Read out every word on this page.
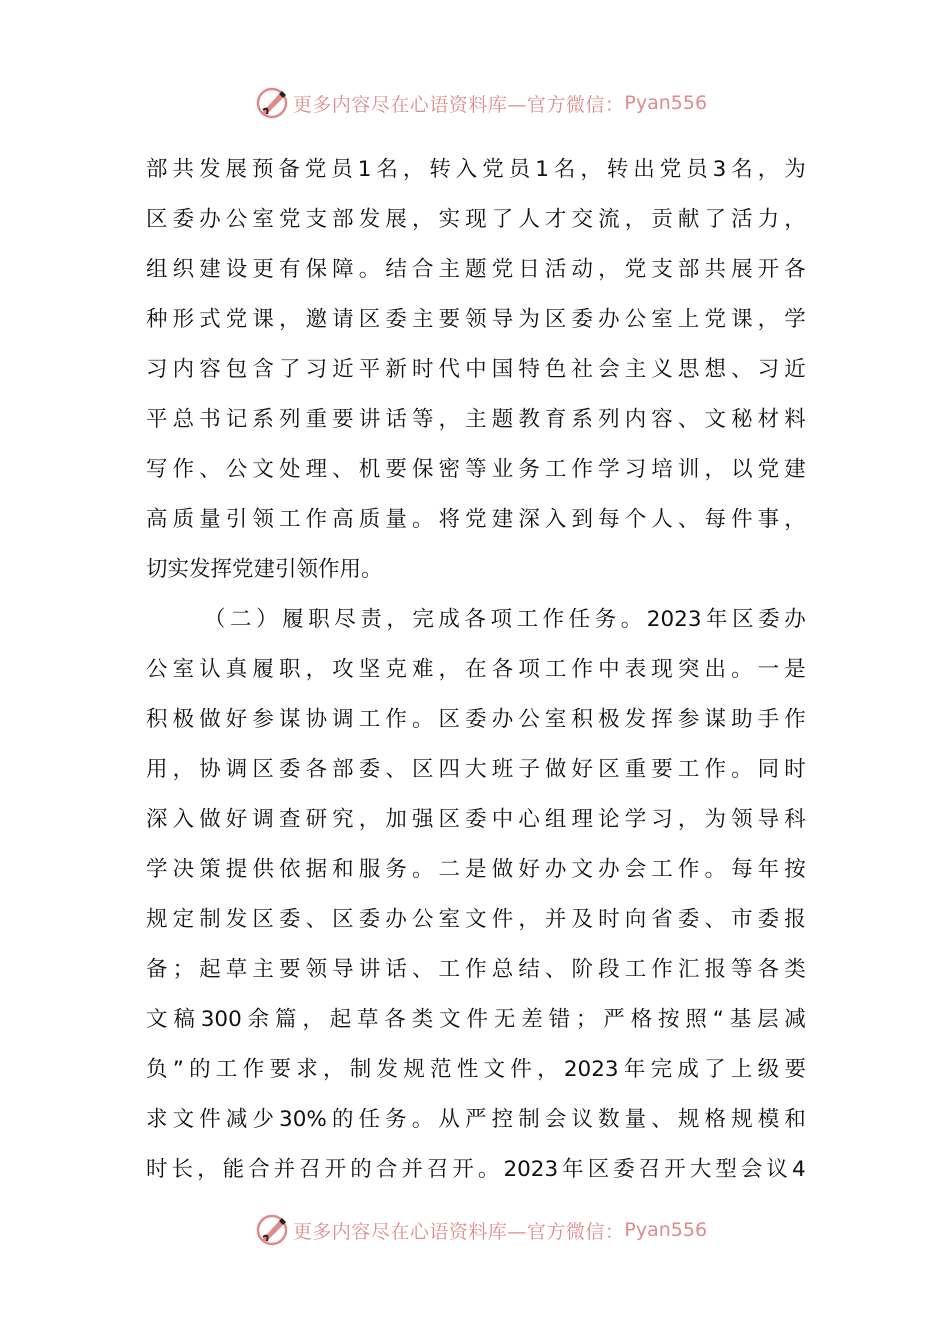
更多内容尽在心语资料库—官方微信： Pyan556
部 共 发 展 预 备 党 员 1 名 ， 转 入 党 员 1 名 ， 转 出 党 员 3 名 ， 为
区 委 办 公 室 党 支 部 发 展 ， 实 现 了 人 才 交 流 ， 贡 献 了 活 力 ，
组 织 建 设 更 有 保 障 。 结 合 主 题 党 日 活 动 ， 党 支 部 共 展 开 各
种 形 式 党 课 ， 邀 请 区 委 主 要 领 导 为 区 委 办 公 室 上 党 课 ， 学
习 内 容 包 含 了 习 近 平 新 时 代 中 国 特 色 社 会 主 义 思 想 、 习 近
平 总 书 记 系 列 重 要 讲 话 等 ， 主 题 教 育 系 列 内 容 、 文 秘 材 料
写 作 、 公 文 处 理 、 机 要 保 密 等 业 务 工 作 学 习 培 训 ， 以 党 建
高 质 量 引 领 工 作 高 质 量 。 将 党 建 深 入 到 每 个 人 、 每 件 事 ，
切实发挥党建引领作用。
（ 二 ） 履 职 尽 责 ， 完 成 各 项 工 作 任 务 。 2023 年 区 委 办
公 室 认 真 履 职 ， 攻 坚 克 难 ， 在 各 项 工 作 中 表 现 突 出 。 一 是
积 极 做 好 参 谋 协 调 工 作 。 区 委 办 公 室 积 极 发 挥 参 谋 助 手 作
用 ， 协 调 区 委 各 部 委 、 区 四 大 班 子 做 好 区 重 要 工 作 。 同 时
深 入 做 好 调 查 研 究 ， 加 强 区 委 中 心 组 理 论 学 习 ， 为 领 导 科
学 决 策 提 供 依 据 和 服 务 。 二 是 做 好 办 文 办 会 工 作 。 每 年 按
规 定 制 发 区 委 、 区 委 办 公 室 文 件 ， 并 及 时 向 省 委 、 市 委 报
备 ； 起 草 主 要 领 导 讲 话 、 工 作 总 结 、 阶 段 工 作 汇 报 等 各 类
文 稿 300 余 篇 ， 起 草 各 类 文 件 无 差 错 ； 严 格 按 照 “ 基 层 减
负 ” 的 工 作 要 求 ， 制 发 规 范 性 文 件 ， 2023 年 完 成 了 上 级 要
求 文 件 减 少 30% 的 任 务 。 从 严 控 制 会 议 数 量 、 规 格 规 模 和
时 长 ， 能 合 并 召 开 的 合 并 召 开 。 2023 年 区 委 召 开 大 型 会 议 4
更多内容尽在心语资料库—官方微信： Pyan556
